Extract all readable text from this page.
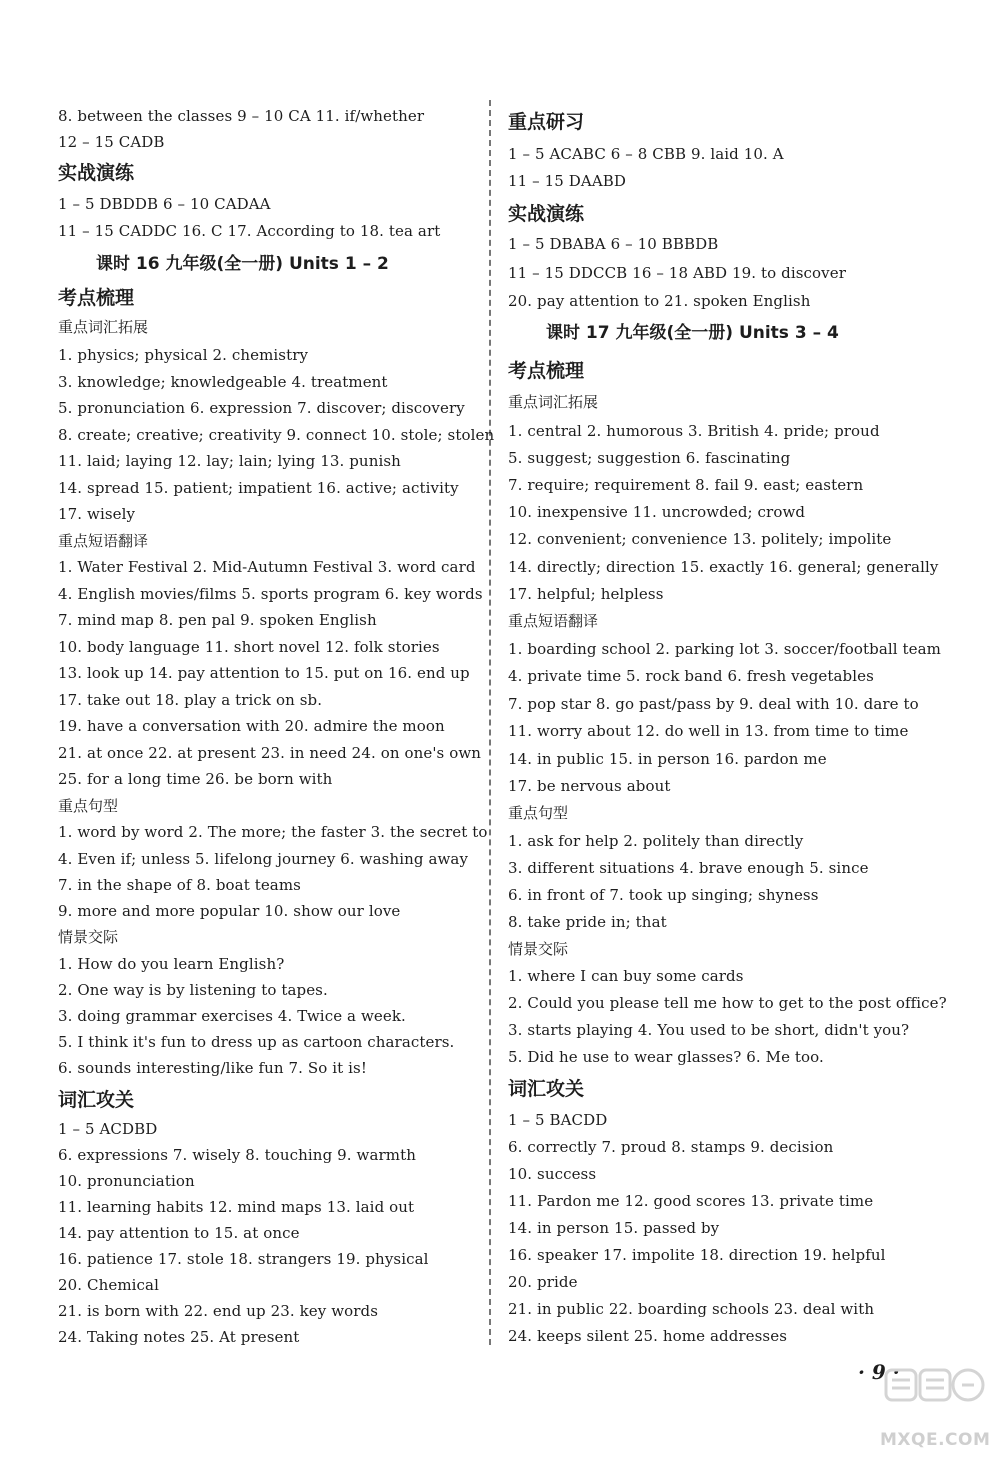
8. between the classes 9 – 10 CA 11. if/whether
12 – 15 CADB
实战演练
1 – 5 DBDDB 6 – 10 CADAA
11 – 15 CADDC 16. C 17. According to 18. tea art
课时 16 九年级(全一册) Units 1 – 2
考点梳理
重点词汇拓展
1. physics; physical 2. chemistry
3. knowledge; knowledgeable 4. treatment
5. pronunciation 6. expression 7. discover; discovery
8. create; creative; creativity 9. connect 10. stole; stolen
11. laid; laying 12. lay; lain; lying 13. punish
14. spread 15. patient; impatient 16. active; activity
17. wisely
重点短语翻译
1. Water Festival 2. Mid-Autumn Festival 3. word card
4. English movies/films 5. sports program 6. key words
7. mind map 8. pen pal 9. spoken English
10. body language 11. short novel 12. folk stories
13. look up 14. pay attention to 15. put on 16. end up
17. take out 18. play a trick on sb.
19. have a conversation with 20. admire the moon
21. at once 22. at present 23. in need 24. on one's own
25. for a long time 26. be born with
重点句型
1. word by word 2. The more; the faster 3. the secret to
4. Even if; unless 5. lifelong journey 6. washing away
7. in the shape of 8. boat teams
9. more and more popular 10. show our love
情景交际
1. How do you learn English?
2. One way is by listening to tapes.
3. doing grammar exercises 4. Twice a week.
5. I think it's fun to dress up as cartoon characters.
6. sounds interesting/like fun 7. So it is!
词汇攻关
1 – 5 ACDBD
6. expressions 7. wisely 8. touching 9. warmth
10. pronunciation
11. learning habits 12. mind maps 13. laid out
14. pay attention to 15. at once
16. patience 17. stole 18. strangers 19. physical
20. Chemical
21. is born with 22. end up 23. key words
24. Taking notes 25. At present
重点研习
1 – 5 ACABC 6 – 8 CBB 9. laid 10. A
11 – 15 DAABD
实战演练
1 – 5 DBABA 6 – 10 BBBDB
11 – 15 DDCCB 16 – 18 ABD 19. to discover
20. pay attention to 21. spoken English
课时 17 九年级(全一册) Units 3 – 4
考点梳理
重点词汇拓展
1. central 2. humorous 3. British 4. pride; proud
5. suggest; suggestion 6. fascinating
7. require; requirement 8. fail 9. east; eastern
10. inexpensive 11. uncrowded; crowd
12. convenient; convenience 13. politely; impolite
14. directly; direction 15. exactly 16. general; generally
17. helpful; helpless
重点短语翻译
1. boarding school 2. parking lot 3. soccer/football team
4. private time 5. rock band 6. fresh vegetables
7. pop star 8. go past/pass by 9. deal with 10. dare to
11. worry about 12. do well in 13. from time to time
14. in public 15. in person 16. pardon me
17. be nervous about
重点句型
1. ask for help 2. politely than directly
3. different situations 4. brave enough 5. since
6. in front of 7. took up singing; shyness
8. take pride in; that
情景交际
1. where I can buy some cards
2. Could you please tell me how to get to the post office?
3. starts playing 4. You used to be short, didn't you?
5. Did he use to wear glasses? 6. Me too.
词汇攻关
1 – 5 BACDD
6. correctly 7. proud 8. stamps 9. decision
10. success
11. Pardon me 12. good scores 13. private time
14. in person 15. passed by
16. speaker 17. impolite 18. direction 19. helpful
20. pride
21. in public 22. boarding schools 23. deal with
24. keeps silent 25. home addresses
· 9 ·
MXQE.COM
